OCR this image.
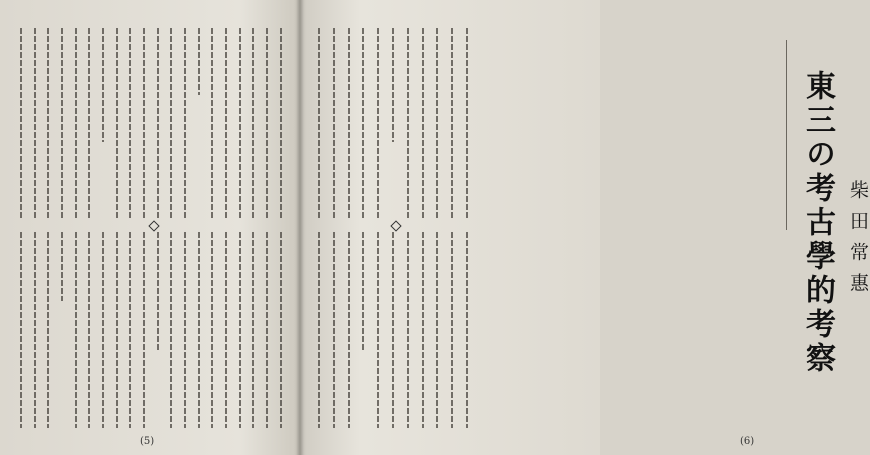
(5)
東三の考古學的考察 柴田常惠
(6)
